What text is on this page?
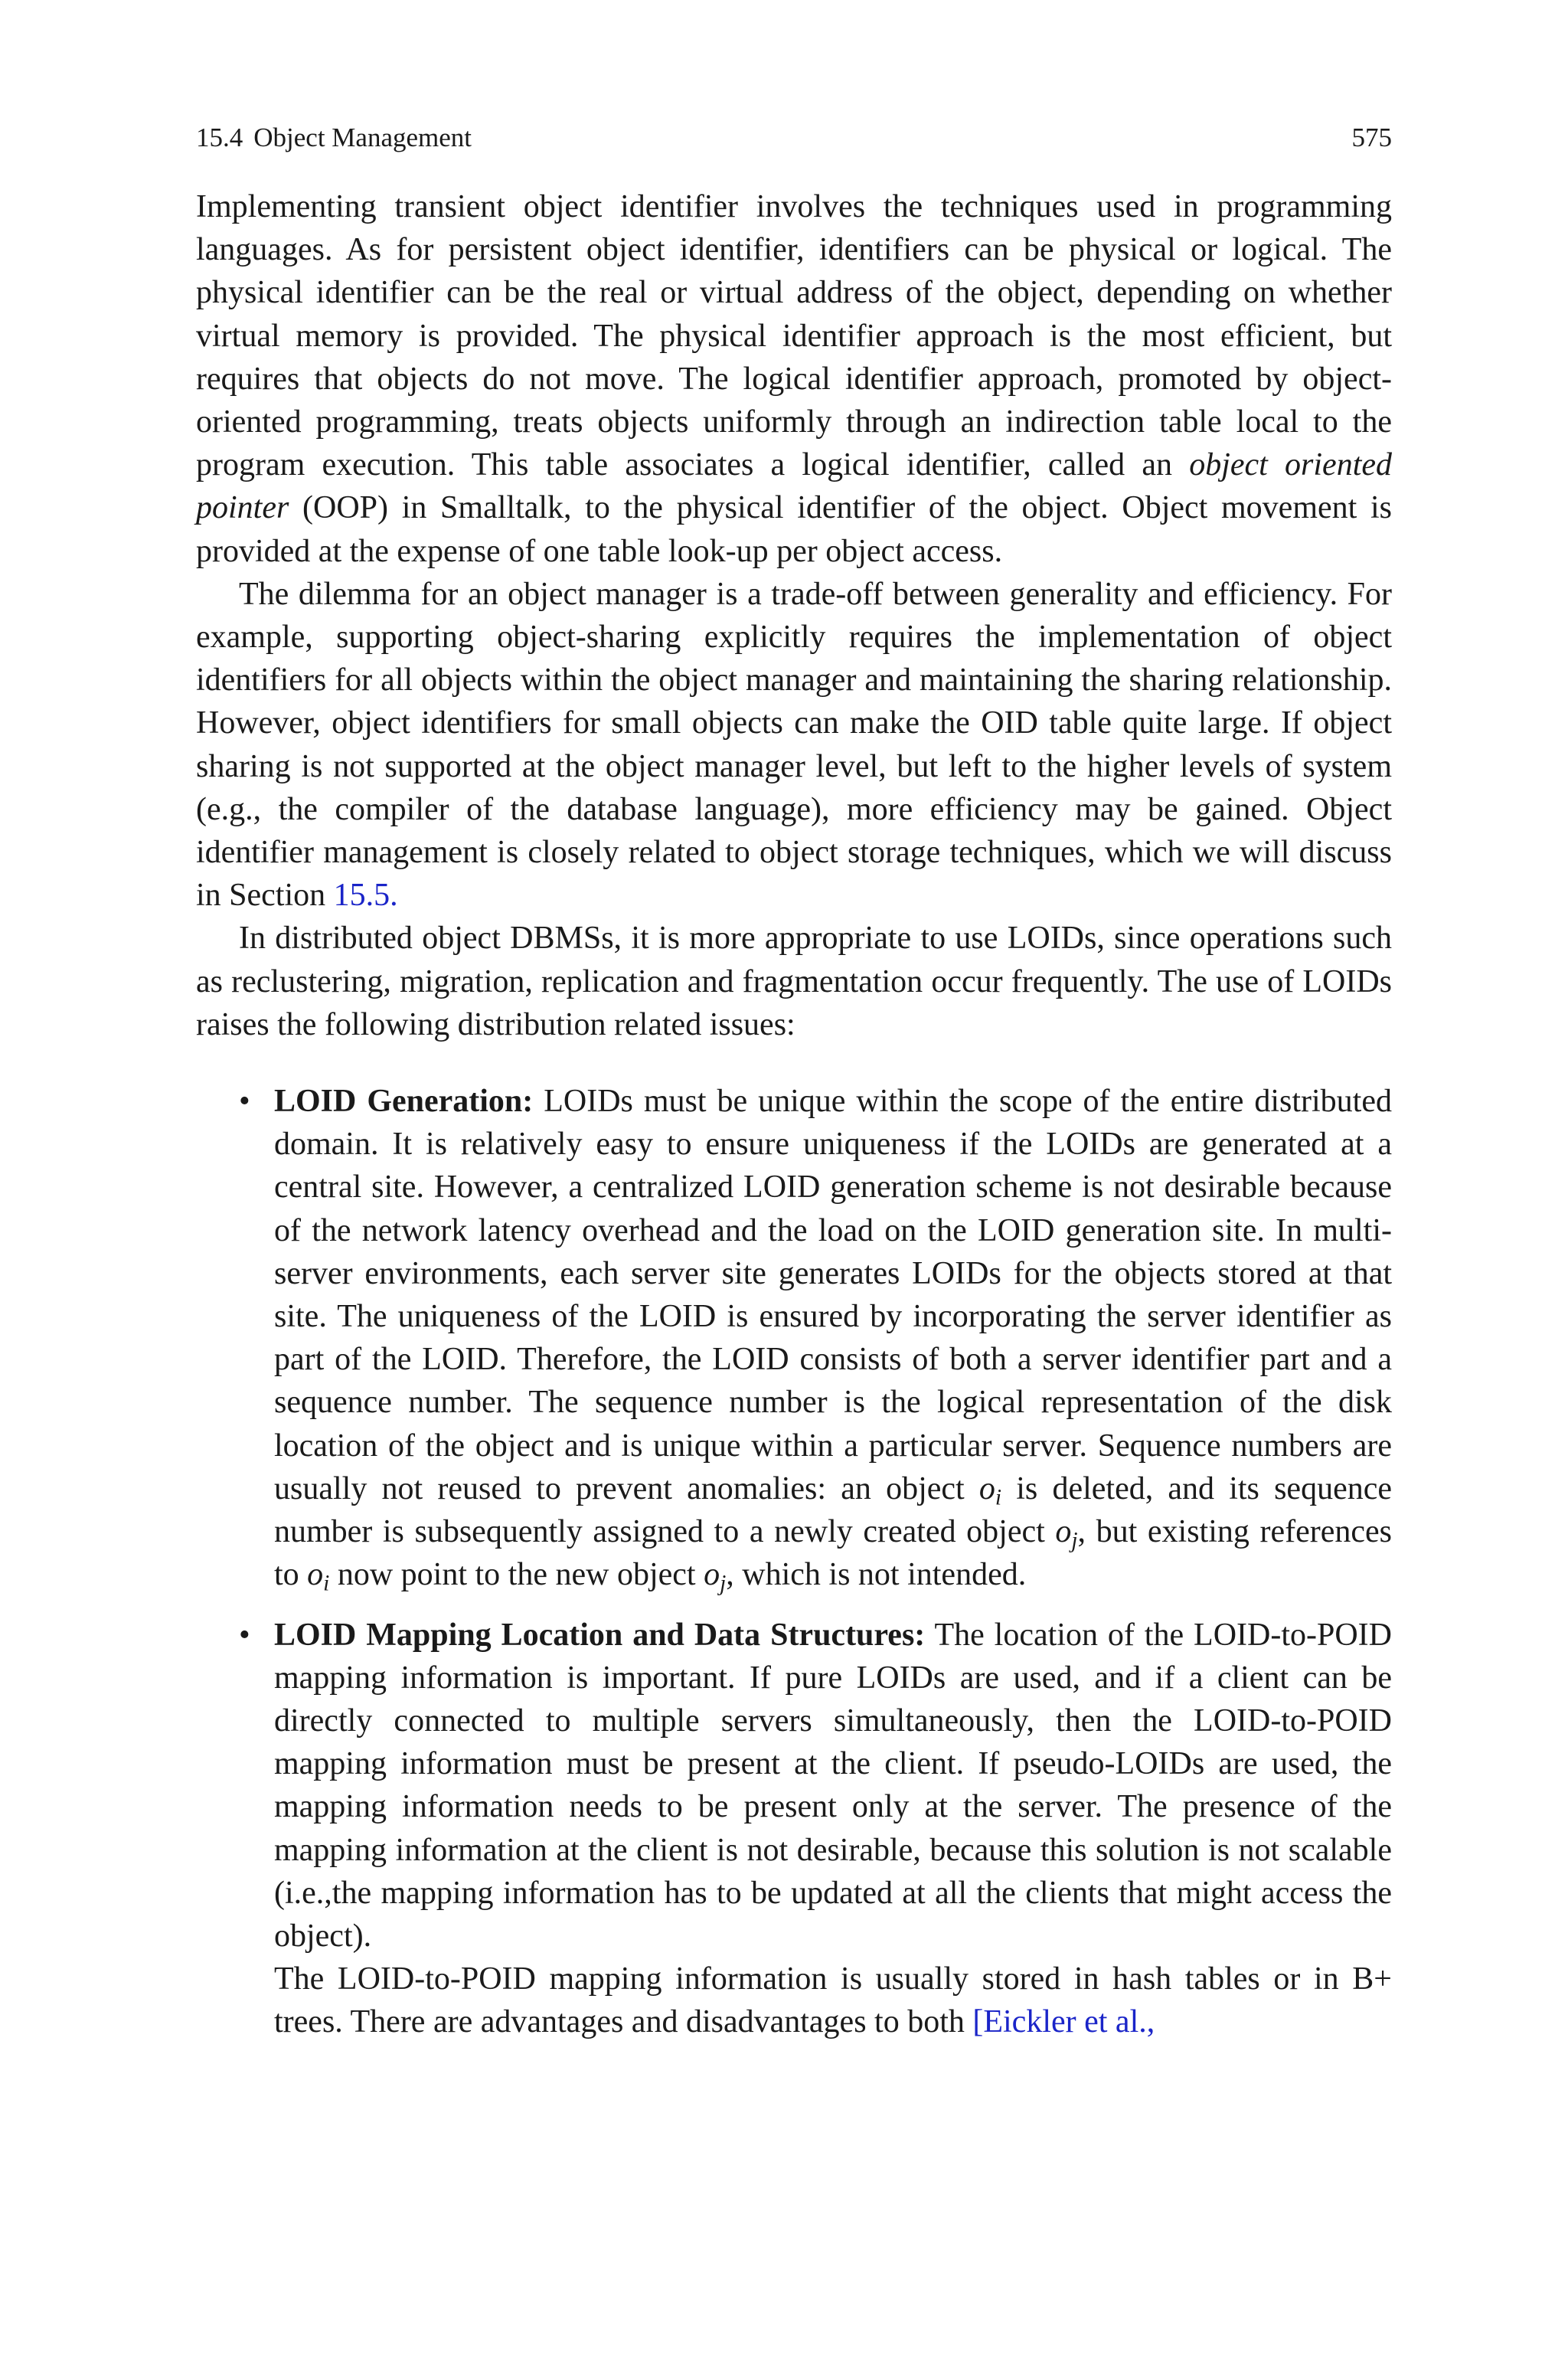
15.4 Object Management	575

Implementing transient object identifier involves the techniques used in programming languages. As for persistent object identifier, identifiers can be physical or logical. The physical identifier can be the real or virtual address of the object, depending on whether virtual memory is provided. The physical identifier approach is the most efficient, but requires that objects do not move. The logical identifier approach, promoted by object-oriented programming, treats objects uniformly through an indirection table local to the program execution. This table associates a logical identifier, called an object oriented pointer (OOP) in Smalltalk, to the physical identifier of the object. Object movement is provided at the expense of one table look-up per object access.

The dilemma for an object manager is a trade-off between generality and efficiency. For example, supporting object-sharing explicitly requires the implementation of object identifiers for all objects within the object manager and maintaining the sharing relationship. However, object identifiers for small objects can make the OID table quite large. If object sharing is not supported at the object manager level, but left to the higher levels of system (e.g., the compiler of the database language), more efficiency may be gained. Object identifier management is closely related to object storage techniques, which we will discuss in Section 15.5.

In distributed object DBMSs, it is more appropriate to use LOIDs, since operations such as reclustering, migration, replication and fragmentation occur frequently. The use of LOIDs raises the following distribution related issues:

• LOID Generation: LOIDs must be unique within the scope of the entire distributed domain. It is relatively easy to ensure uniqueness if the LOIDs are generated at a central site. However, a centralized LOID generation scheme is not desirable because of the network latency overhead and the load on the LOID generation site. In multi-server environments, each server site generates LOIDs for the objects stored at that site. The uniqueness of the LOID is ensured by incorporating the server identifier as part of the LOID. Therefore, the LOID consists of both a server identifier part and a sequence number. The sequence number is the logical representation of the disk location of the object and is unique within a particular server. Sequence numbers are usually not reused to prevent anomalies: an object $o_i$ is deleted, and its sequence number is subsequently assigned to a newly created object $o_j$, but existing references to $o_i$ now point to the new object $o_j$, which is not intended.

• LOID Mapping Location and Data Structures: The location of the LOID-to-POID mapping information is important. If pure LOIDs are used, and if a client can be directly connected to multiple servers simultaneously, then the LOID-to-POID mapping information must be present at the client. If pseudo-LOIDs are used, the mapping information needs to be present only at the server. The presence of the mapping information at the client is not desirable, because this solution is not scalable (i.e.,the mapping information has to be updated at all the clients that might access the object).

The LOID-to-POID mapping information is usually stored in hash tables or in B+ trees. There are advantages and disadvantages to both [Eickler et al.,
